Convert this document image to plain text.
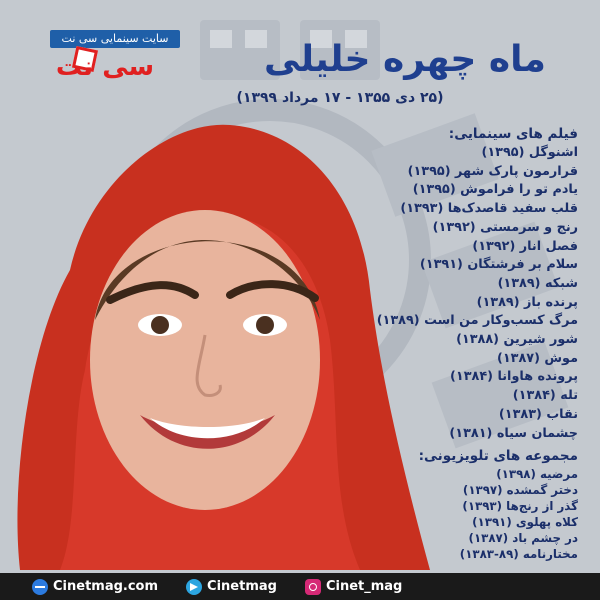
سایت سینمایی سی نت
سی نت	ماه چهره خلیلی
(۲۵ دی ۱۳۵۵ - ۱۷ مرداد ۱۳۹۹)
فیلم های سینمایی:
اشنوگل (۱۳۹۵)
قرارمون پارک شهر (۱۳۹۵)
یادم تو را فراموش (۱۳۹۵)
قلب سفید قاصدک‌ها (۱۳۹۳)
رنج و سرمستی (۱۳۹۲)
فصل انار (۱۳۹۲)
سلام بر فرشتگان (۱۳۹۱)
شبکه (۱۳۸۹)
پرنده باز (۱۳۸۹)
مرگ کسب‌وکار من است (۱۳۸۹)
شور شیرین (۱۳۸۸)
موش (۱۳۸۷)
پرونده هاوانا (۱۳۸۴)
تله (۱۳۸۴)
نقاب (۱۳۸۳)
چشمان سیاه (۱۳۸۱)
مجموعه های تلویزیونی:
مرضیه (۱۳۹۸)
دختر گمشده (۱۳۹۷)
گذر از رنج‌ها (۱۳۹۳)
کلاه پهلوی (۱۳۹۱)
در چشم باد (۱۳۸۷)
مختارنامه (۸۹-۱۳۸۳)
Cinetmag.com	Cinetmag	Cinet_mag
